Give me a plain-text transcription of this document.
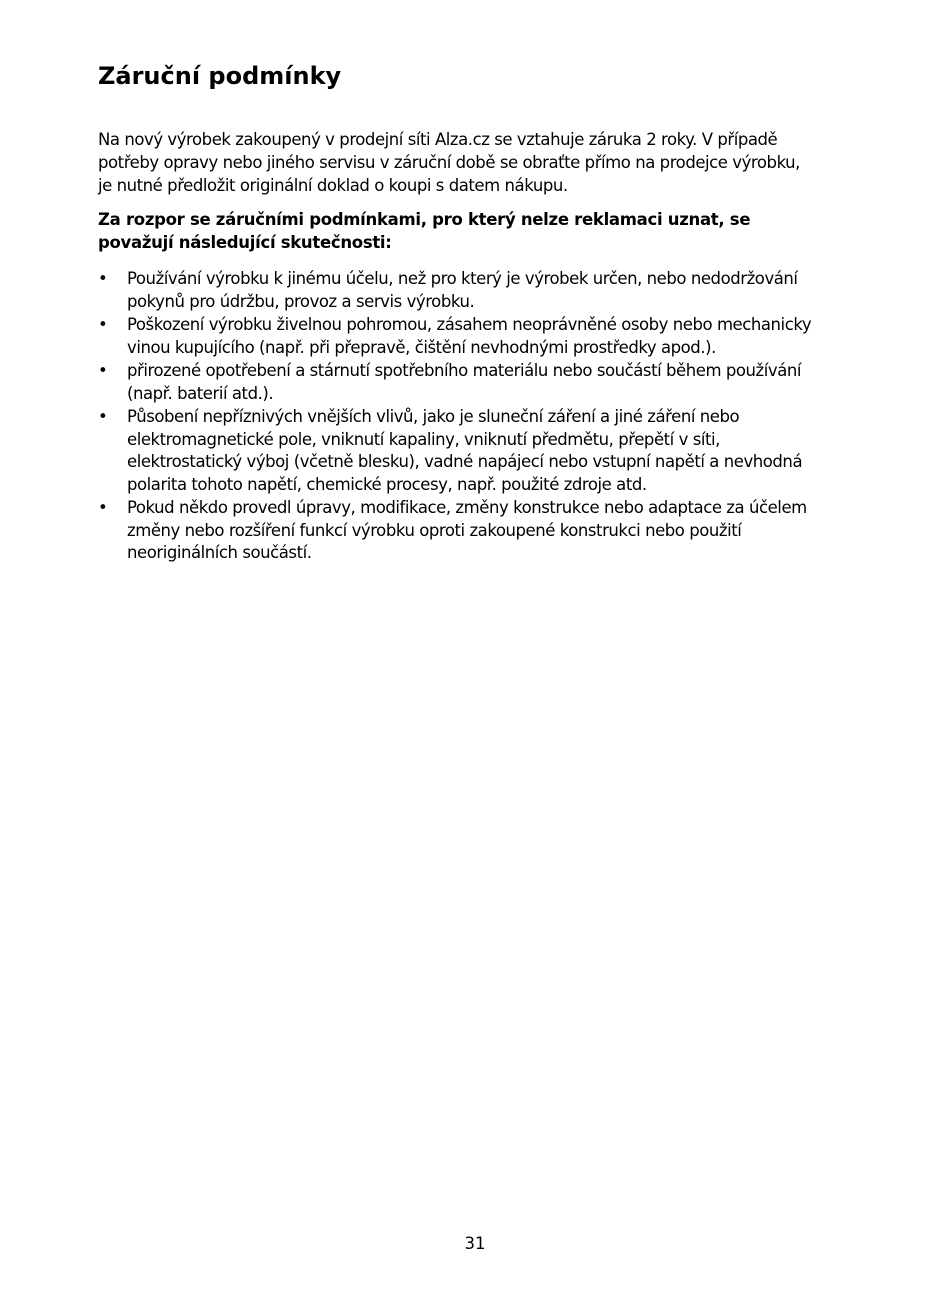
Záruční podmínky

Na nový výrobek zakoupený v prodejní síti Alza.cz se vztahuje záruka 2 roky. V případě
potřeby opravy nebo jiného servisu v záruční době se obraťte přímo na prodejce výrobku,
je nutné předložit originální doklad o koupi s datem nákupu.

Za rozpor se záručními podmínkami, pro který nelze reklamaci uznat, se
považují následující skutečnosti:

• Používání výrobku k jinému účelu, než pro který je výrobek určen, nebo nedodržování
pokynů pro údržbu, provoz a servis výrobku.
• Poškození výrobku živelnou pohromou, zásahem neoprávněné osoby nebo mechanicky
vinou kupujícího (např. při přepravě, čištění nevhodnými prostředky apod.).
• přirozené opotřebení a stárnutí spotřebního materiálu nebo součástí během používání
(např. baterií atd.).
• Působení nepříznivých vnějších vlivů, jako je sluneční záření a jiné záření nebo
elektromagnetické pole, vniknutí kapaliny, vniknutí předmětu, přepětí v síti,
elektrostatický výboj (včetně blesku), vadné napájecí nebo vstupní napětí a nevhodná
polarita tohoto napětí, chemické procesy, např. použité zdroje atd.
• Pokud někdo provedl úpravy, modifikace, změny konstrukce nebo adaptace za účelem
změny nebo rozšíření funkcí výrobku oproti zakoupené konstrukci nebo použití
neoriginálních součástí.

31
